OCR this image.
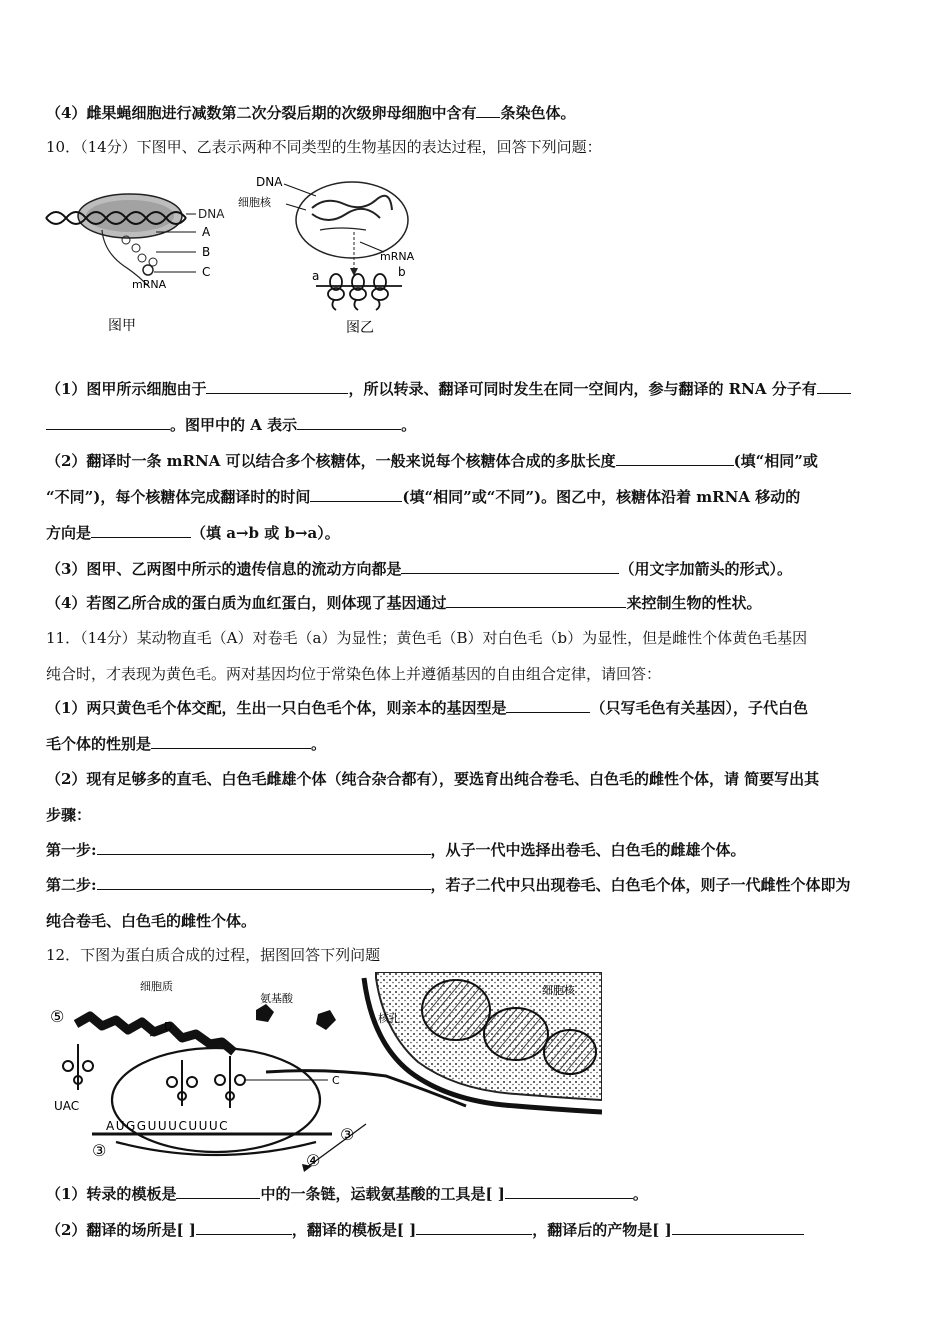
（4）雌果蝇细胞进行减数第二次分裂后期的次级卵母细胞中含有 条染色体。
10．（14分）下图甲、乙表示两种不同类型的生物基因的表达过程，回答下列问题：
DNA
A
B
C
mRNA
图甲
DNA
细胞核
mRNA
a	b
图乙
（1）图甲所示细胞由于	，所以转录、翻译可同时发生在同一空间内，参与翻译的 RNA 分子有
。图甲中的 A 表示	。
（2）翻译时一条 mRNA 可以结合多个核糖体，一般来说每个核糖体合成的多肽长度	(填“相同”或
“不同”)，每个核糖体完成翻译时的时间	(填“相同”或“不同”)。图乙中，核糖体沿着 mRNA 移动的
方向是	（填 a→b 或 b→a）。
（3）图甲、乙两图中所示的遗传信息的流动方向都是	（用文字加箭头的形式）。
（4）若图乙所合成的蛋白质为血红蛋白，则体现了基因通过	来控制生物的性状。
11．（14分）某动物直毛（A）对卷毛（a）为显性；黄色毛（B）对白色毛（b）为显性，但是雌性个体黄色毛基因
纯合时，才表现为黄色毛。两对基因均位于常染色体上并遵循基因的自由组合定律，请回答：
（1）两只黄色毛个体交配，生出一只白色毛个体，则亲本的基因型是	（只写毛色有关基因），子代白色
毛个体的性别是	。
（2）现有足够多的直毛、白色毛雌雄个体（纯合杂合都有），要选育出纯合卷毛、白色毛的雌性个体，请 简要写出其
步骤：
第一步:	，从子一代中选择出卷毛、白色毛的雌雄个体。
第二步:	，若子二代中只出现卷毛、白色毛个体，则子一代雌性个体即为
纯合卷毛、白色毛的雌性个体。
12．下图为蛋白质合成的过程，据图回答下列问题
细胞质
氨基酸
核孔
细胞核
⑤
D
C
UAC
AUGGUUUCUUUC	③
③
④
（1）转录的模板是	中的一条链，运载氨基酸的工具是[ ]	。
（2）翻译的场所是[ ]	，翻译的模板是[ ]	，翻译后的产物是[ ]
